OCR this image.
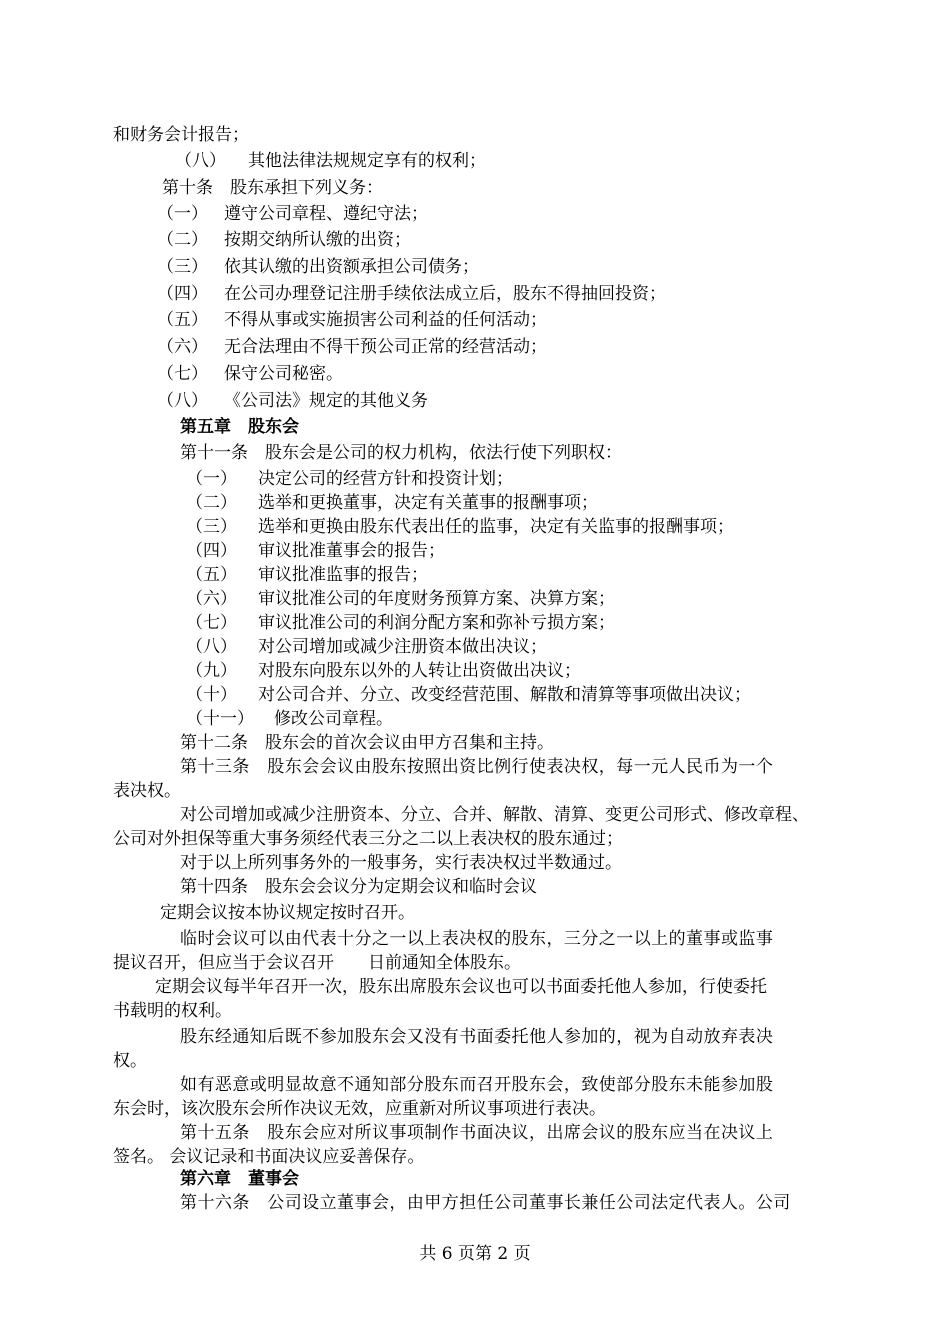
和财务会计报告；
（八） 其他法律法规规定享有的权利；
第十条　股东承担下列义务：
（一） 遵守公司章程、遵纪守法；
（二） 按期交纳所认缴的出资；
（三） 依其认缴的出资额承担公司债务；
（四） 在公司办理登记注册手续依法成立后，股东不得抽回投资；
（五） 不得从事或实施损害公司利益的任何活动；
（六） 无合法理由不得干预公司正常的经营活动；
（七） 保守公司秘密。
（八） 《公司法》规定的其他义务
第五章　股东会
第十一条　股东会是公司的权力机构，依法行使下列职权：
（一） 决定公司的经营方针和投资计划；
（二） 选举和更换董事，决定有关董事的报酬事项；
（三） 选举和更换由股东代表出任的监事，决定有关监事的报酬事项；
（四） 审议批准董事会的报告；
（五） 审议批准监事的报告；
（六） 审议批准公司的年度财务预算方案、决算方案；
（七） 审议批准公司的利润分配方案和弥补亏损方案；
（八） 对公司增加或减少注册资本做出决议；
（九） 对股东向股东以外的人转让出资做出决议；
（十） 对公司合并、分立、改变经营范围、解散和清算等事项做出决议；
（十一） 修改公司章程。
第十二条　股东会的首次会议由甲方召集和主持。
第十三条　股东会会议由股东按照出资比例行使表决权，每一元人民币为一个
表决权。
对公司增加或减少注册资本、分立、合并、解散、清算、变更公司形式、修改章程、
公司对外担保等重大事务须经代表三分之二以上表决权的股东通过；
对于以上所列事务外的一般事务，实行表决权过半数通过。
第十四条　股东会会议分为定期会议和临时会议
定期会议按本协议规定按时召开。
临时会议可以由代表十分之一以上表决权的股东，三分之一以上的董事或监事
提议召开，但应当于会议召开　　日前通知全体股东。
定期会议每半年召开一次，股东出席股东会议也可以书面委托他人参加，行使委托
书载明的权利。
股东经通知后既不参加股东会又没有书面委托他人参加的，视为自动放弃表决
权。
如有恶意或明显故意不通知部分股东而召开股东会，致使部分股东未能参加股
东会时，该次股东会所作决议无效，应重新对所议事项进行表决。
第十五条　股东会应对所议事项制作书面决议，出席会议的股东应当在决议上
签名。 会议记录和书面决议应妥善保存。
第六章　董事会
第十六条　公司设立董事会，由甲方担任公司董事长兼任公司法定代表人。公司
共 6 页第 2 页
